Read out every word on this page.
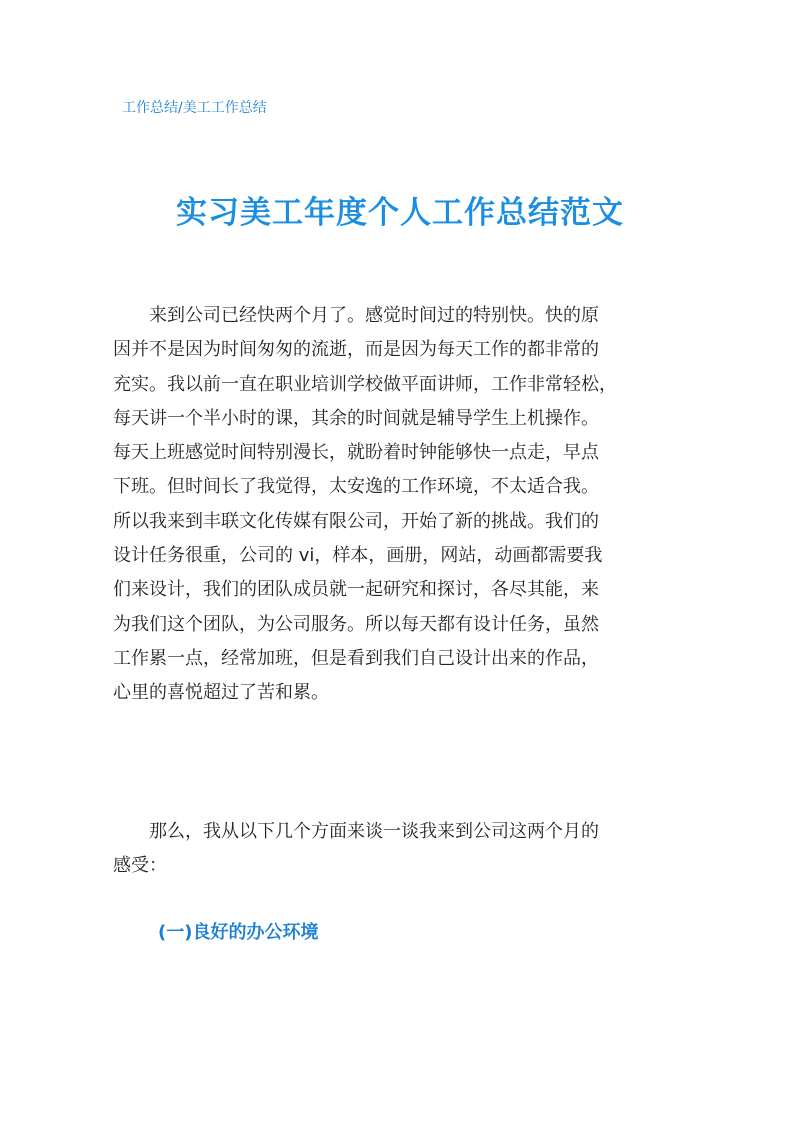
工作总结/美工工作总结
实习美工年度个人工作总结范文
　　来到公司已经快两个月了。感觉时间过的特别快。快的原
因并不是因为时间匆匆的流逝，而是因为每天工作的都非常的
充实。我以前一直在职业培训学校做平面讲师，工作非常轻松，
每天讲一个半小时的课，其余的时间就是辅导学生上机操作。
每天上班感觉时间特别漫长，就盼着时钟能够快一点走，早点
下班。但时间长了我觉得，太安逸的工作环境，不太适合我。
所以我来到丰联文化传媒有限公司，开始了新的挑战。我们的
设计任务很重，公司的 vi，样本，画册，网站，动画都需要我
们来设计，我们的团队成员就一起研究和探讨，各尽其能，来
为我们这个团队，为公司服务。所以每天都有设计任务，虽然
工作累一点，经常加班，但是看到我们自己设计出来的作品，
心里的喜悦超过了苦和累。
　　那么，我从以下几个方面来谈一谈我来到公司这两个月的
感受：
(一)良好的办公环境
